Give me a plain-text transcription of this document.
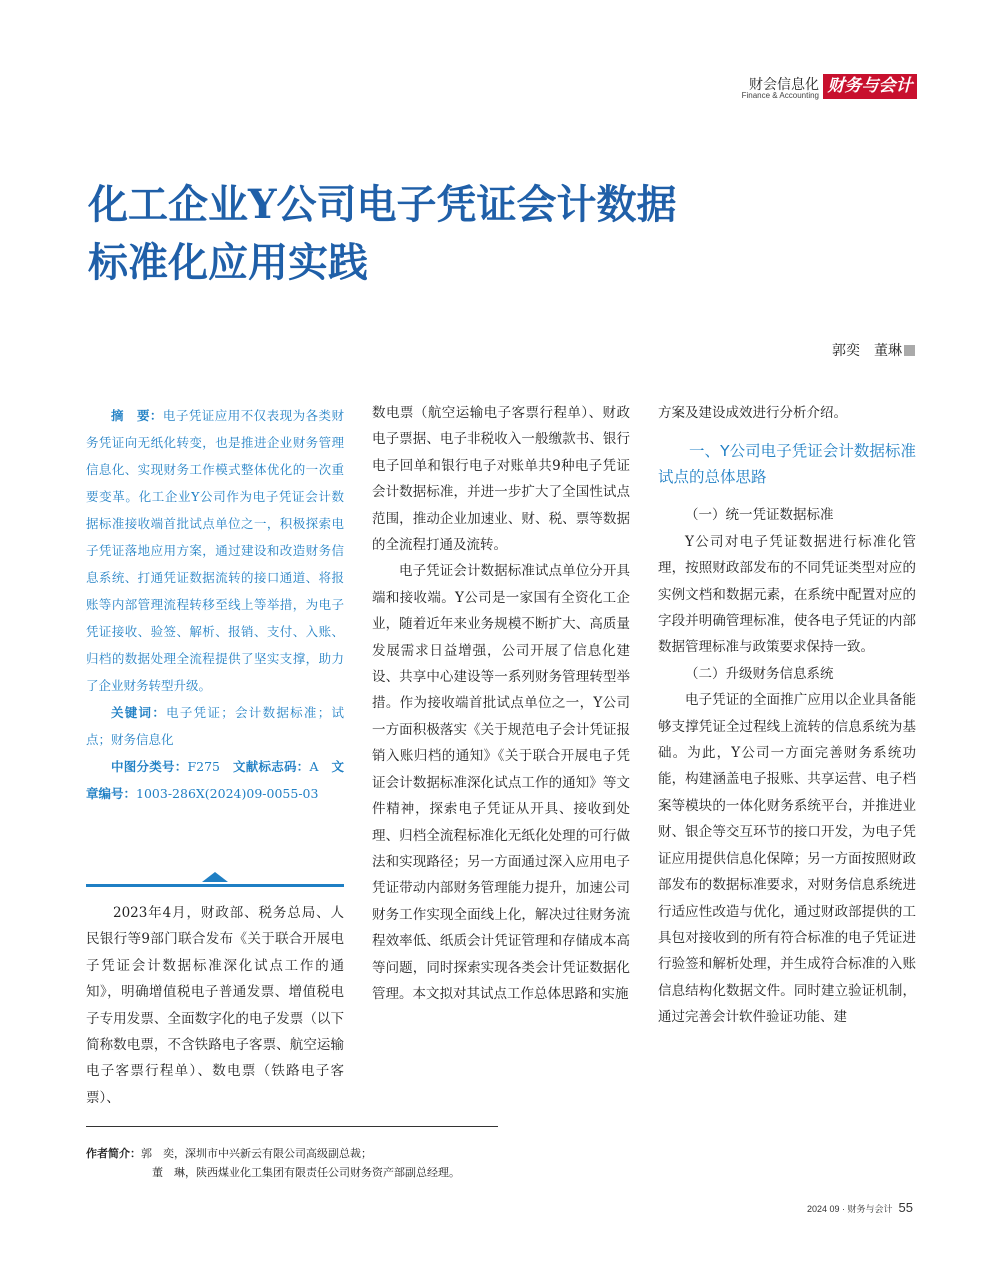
财会信息化
Finance & Accounting 财务与会计
化工企业Y公司电子凭证会计数据
标准化应用实践
郭奕　董琳

摘　要：电子凭证应用不仅表现为各类财务凭证向无纸化转变，也是推进企业财务管理信息化、实现财务工作模式整体优化的一次重要变革。化工企业Y公司作为电子凭证会计数据标准接收端首批试点单位之一，积极探索电子凭证落地应用方案，通过建设和改造财务信息系统、打通凭证数据流转的接口通道、将报账等内部管理流程转移至线上等举措，为电子凭证接收、验签、解析、报销、支付、入账、归档的数据处理全流程提供了坚实支撑，助力了企业财务转型升级。

关键词：电子凭证；会计数据标准；试点；财务信息化

中图分类号：F275　 文献标志码：A　 文章编号：1003-286X(2024)09-0055-03

2023年4月，财政部、税务总局、人民银行等9部门联合发布《关于联合开展电子凭证会计数据标准深化试点工作的通知》，明确增值税电子普通发票、增值税电子专用发票、全面数字化的电子发票（以下简称数电票，不含铁路电子客票、航空运输电子客票行程单）、数电票（铁路电子客票）、

数电票（航空运输电子客票行程单）、财政电子票据、电子非税收入一般缴款书、银行电子回单和银行电子对账单共9种电子凭证会计数据标准，并进一步扩大了全国性试点范围，推动企业加速业、财、税、票等数据的全流程打通及流转。

电子凭证会计数据标准试点单位分开具端和接收端。Y公司是一家国有全资化工企业，随着近年来业务规模不断扩大、高质量发展需求日益增强，公司开展了信息化建设、共享中心建设等一系列财务管理转型举措。作为接收端首批试点单位之一，Y公司一方面积极落实《关于规范电子会计凭证报销入账归档的通知》《关于联合开展电子凭证会计数据标准深化试点工作的通知》等文件精神，探索电子凭证从开具、接收到处理、归档全流程标准化无纸化处理的可行做法和实现路径；另一方面通过深入应用电子凭证带动内部财务管理能力提升，加速公司财务工作实现全面线上化，解决过往财务流程效率低、纸质会计凭证管理和存储成本高等问题，同时探索实现各类会计凭证数据化管理。本文拟对其试点工作总体思路和实施

方案及建设成效进行分析介绍。

一、Y公司电子凭证会计数据标准试点的总体思路

（一）统一凭证数据标准

Y公司对电子凭证数据进行标准化管理，按照财政部发布的不同凭证类型对应的实例文档和数据元素，在系统中配置对应的字段并明确管理标准，使各电子凭证的内部数据管理标准与政策要求保持一致。

（二）升级财务信息系统

电子凭证的全面推广应用以企业具备能够支撑凭证全过程线上流转的信息系统为基础。为此，Y公司一方面完善财务系统功能，构建涵盖电子报账、共享运营、电子档案等模块的一体化财务系统平台，并推进业财、银企等交互环节的接口开发，为电子凭证应用提供信息化保障；另一方面按照财政部发布的数据标准要求，对财务信息系统进行适应性改造与优化，通过财政部提供的工具包对接收到的所有符合标准的电子凭证进行验签和解析处理，并生成符合标准的入账信息结构化数据文件。同时建立验证机制，通过完善会计软件验证功能、建

作者简介：郭　奕，深圳市中兴新云有限公司高级副总裁；
董　琳，陕西煤业化工集团有限责任公司财务资产部副总经理。
2024 09 · 财务与会计 55
